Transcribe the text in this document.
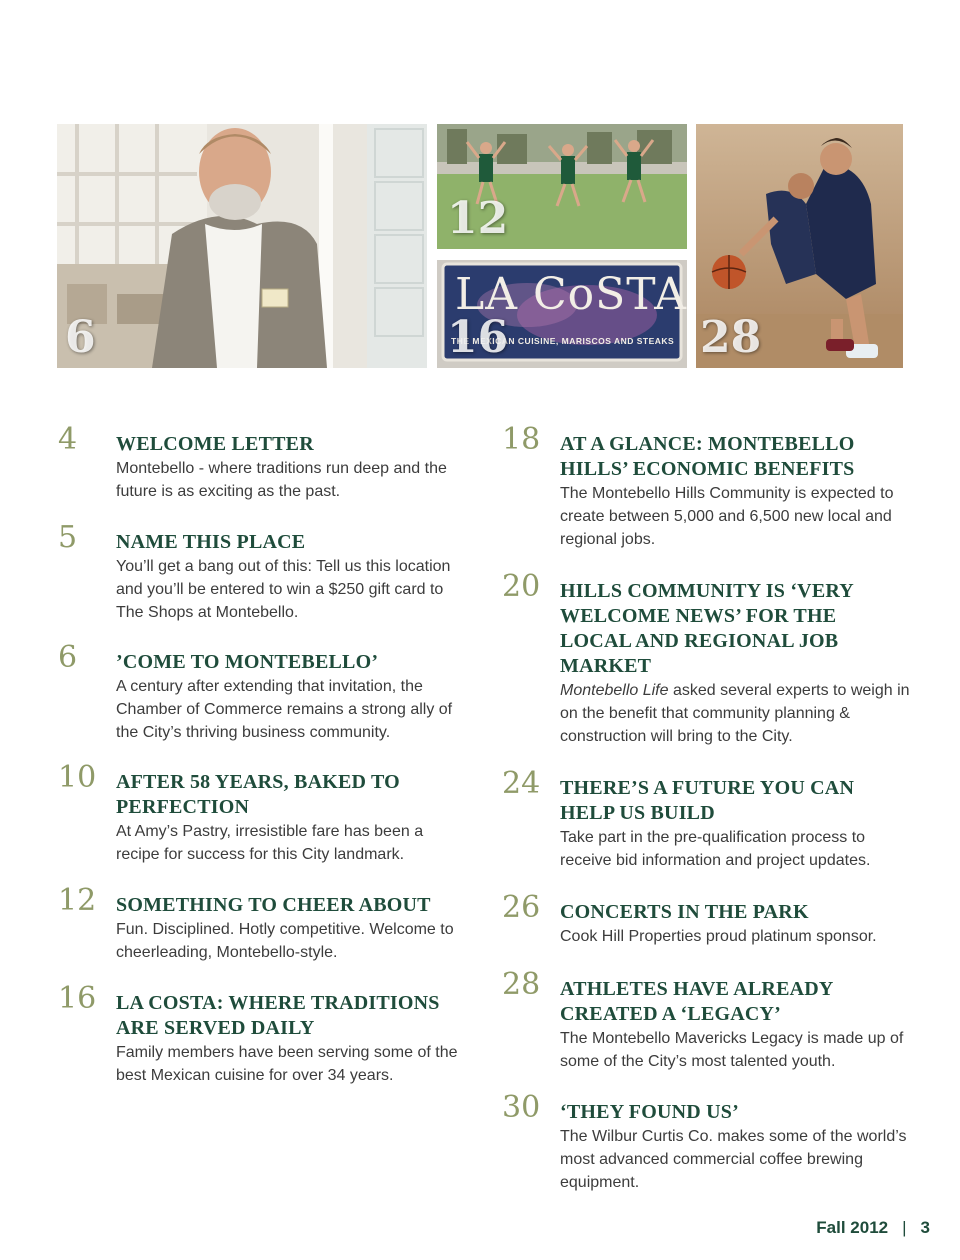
6
12
LA CoSTA
THE MEXICAN CUISINE, MARISCOS AND STEAKS
16	28
4 WELCOME LETTER
Montebello - where traditions run deep and the future is as exciting as the past.
5 NAME THIS PLACE
You’ll get a bang out of this: Tell us this location and you’ll be entered to win a $250 gift card to The Shops at Montebello.
6 ’COME TO MONTEBELLO’
A century after extending that invitation, the Chamber of Commerce remains a strong ally of the City’s thriving business community.
10 AFTER 58 YEARS, BAKED TO PERFECTION
At Amy’s Pastry, irresistible fare has been a recipe for success for this City landmark.
12 SOMETHING TO CHEER ABOUT
Fun. Disciplined. Hotly competitive. Welcome to cheerleading, Montebello-style.
16 LA COSTA: WHERE TRADITIONS ARE SERVED DAILY
Family members have been serving some of the best Mexican cuisine for over 34 years.
18 AT A GLANCE: MONTEBELLO HILLS’ ECONOMIC BENEFITS
The Montebello Hills Community is expected to create between 5,000 and 6,500 new local and regional jobs.
20 HILLS COMMUNITY IS ‘VERY WELCOME NEWS’ FOR THE LOCAL AND REGIONAL JOB MARKET
Montebello Life asked several experts to weigh in on the benefit that community planning & construction will bring to the City.
24 THERE’S A FUTURE YOU CAN HELP US BUILD
Take part in the pre-qualification process to receive bid information and project updates.
26 CONCERTS IN THE PARK
Cook Hill Properties proud platinum sponsor.
28 ATHLETES HAVE ALREADY CREATED A ‘LEGACY’
The Montebello Mavericks Legacy is made up of some of the City’s most talented youth.
30 ‘THEY FOUND US’
The Wilbur Curtis Co. makes some of the world’s most advanced commercial coffee brewing equipment.
Fall 2012 | 3
